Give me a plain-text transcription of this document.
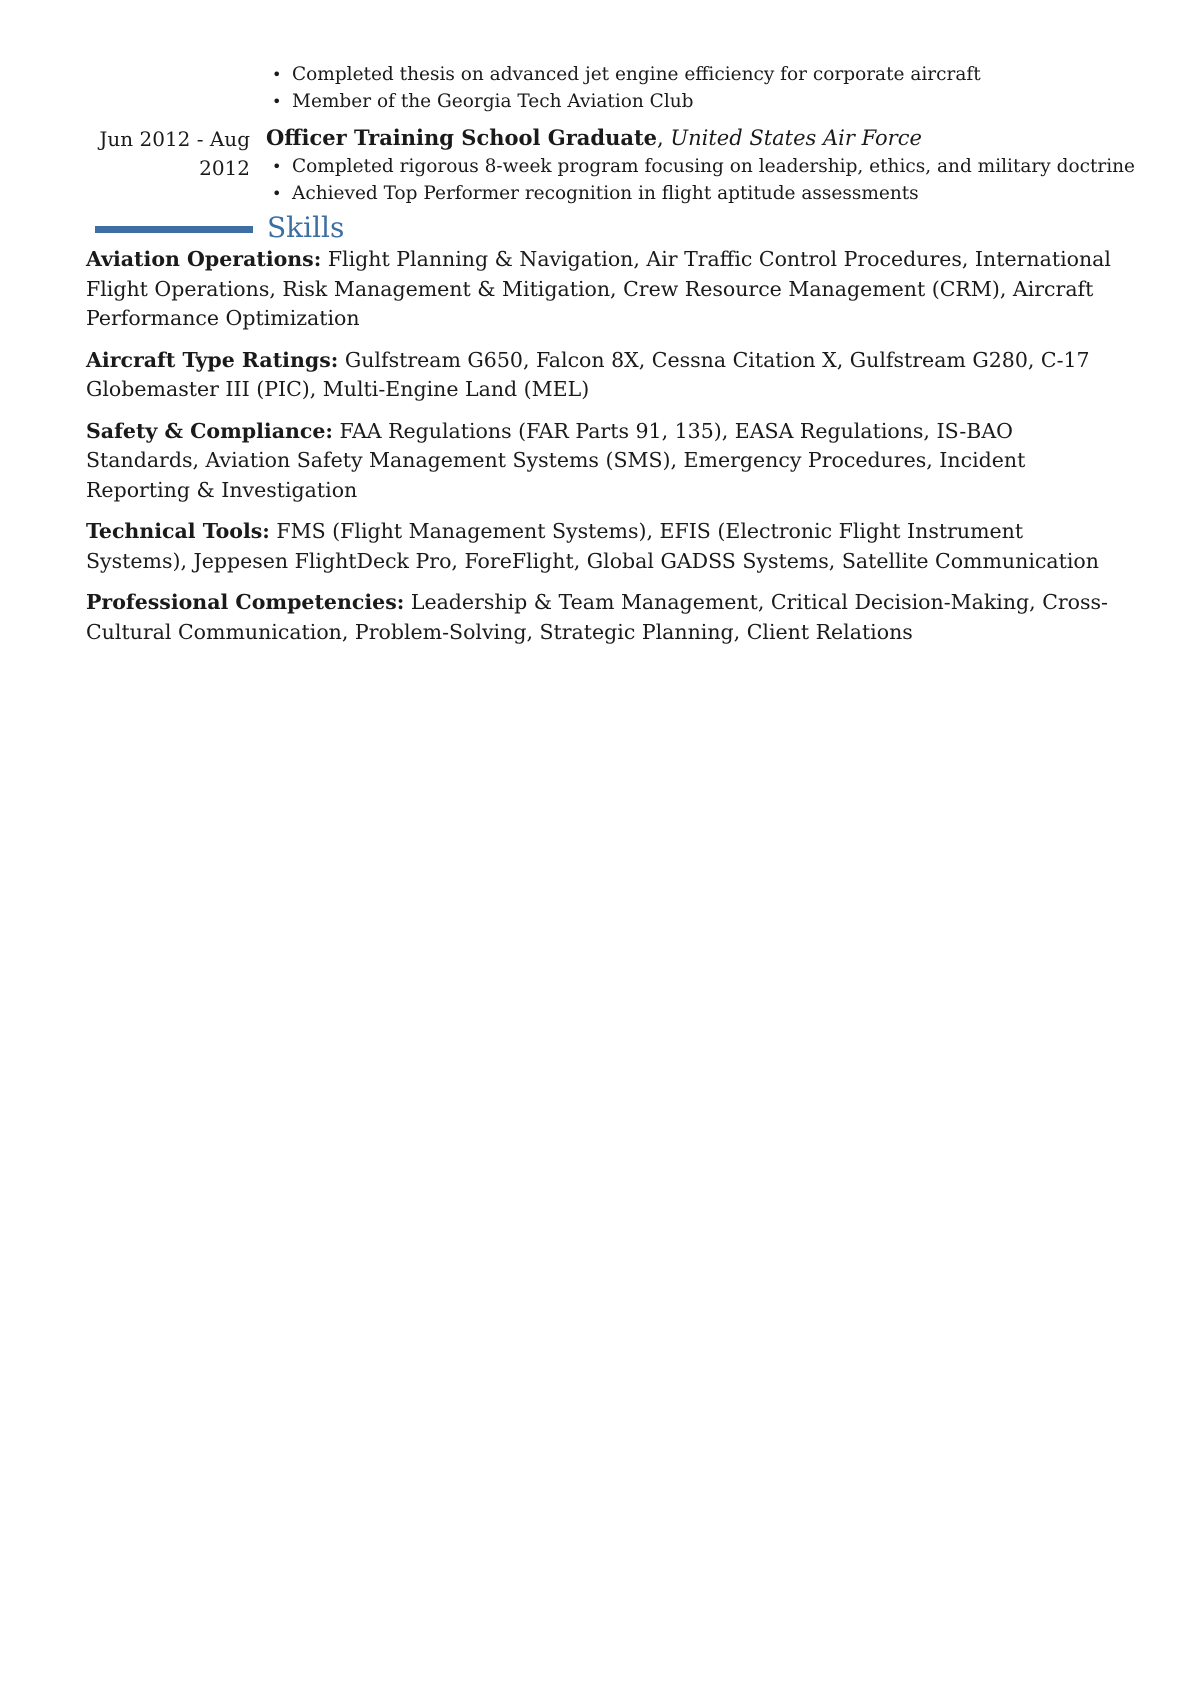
• Completed thesis on advanced jet engine efficiency for corporate aircraft
• Member of the Georgia Tech Aviation Club
Jun 2012 - Aug
2012
Officer Training School Graduate, United States Air Force
• Completed rigorous 8-week program focusing on leadership, ethics, and military doctrine
• Achieved Top Performer recognition in flight aptitude assessments
Skills

Aviation Operations: Flight Planning & Navigation, Air Traffic Control Procedures, International Flight Operations, Risk Management & Mitigation, Crew Resource Management (CRM), Aircraft Performance Optimization

Aircraft Type Ratings: Gulfstream G650, Falcon 8X, Cessna Citation X, Gulfstream G280, C-17 Globemaster III (PIC), Multi-Engine Land (MEL)

Safety & Compliance: FAA Regulations (FAR Parts 91, 135), EASA Regulations, IS-BAO Standards, Aviation Safety Management Systems (SMS), Emergency Procedures, Incident Reporting & Investigation

Technical Tools: FMS (Flight Management Systems), EFIS (Electronic Flight Instrument Systems), Jeppesen FlightDeck Pro, ForeFlight, Global GADSS Systems, Satellite Communication

Professional Competencies: Leadership & Team Management, Critical Decision-Making, Cross-Cultural Communication, Problem-Solving, Strategic Planning, Client Relations
